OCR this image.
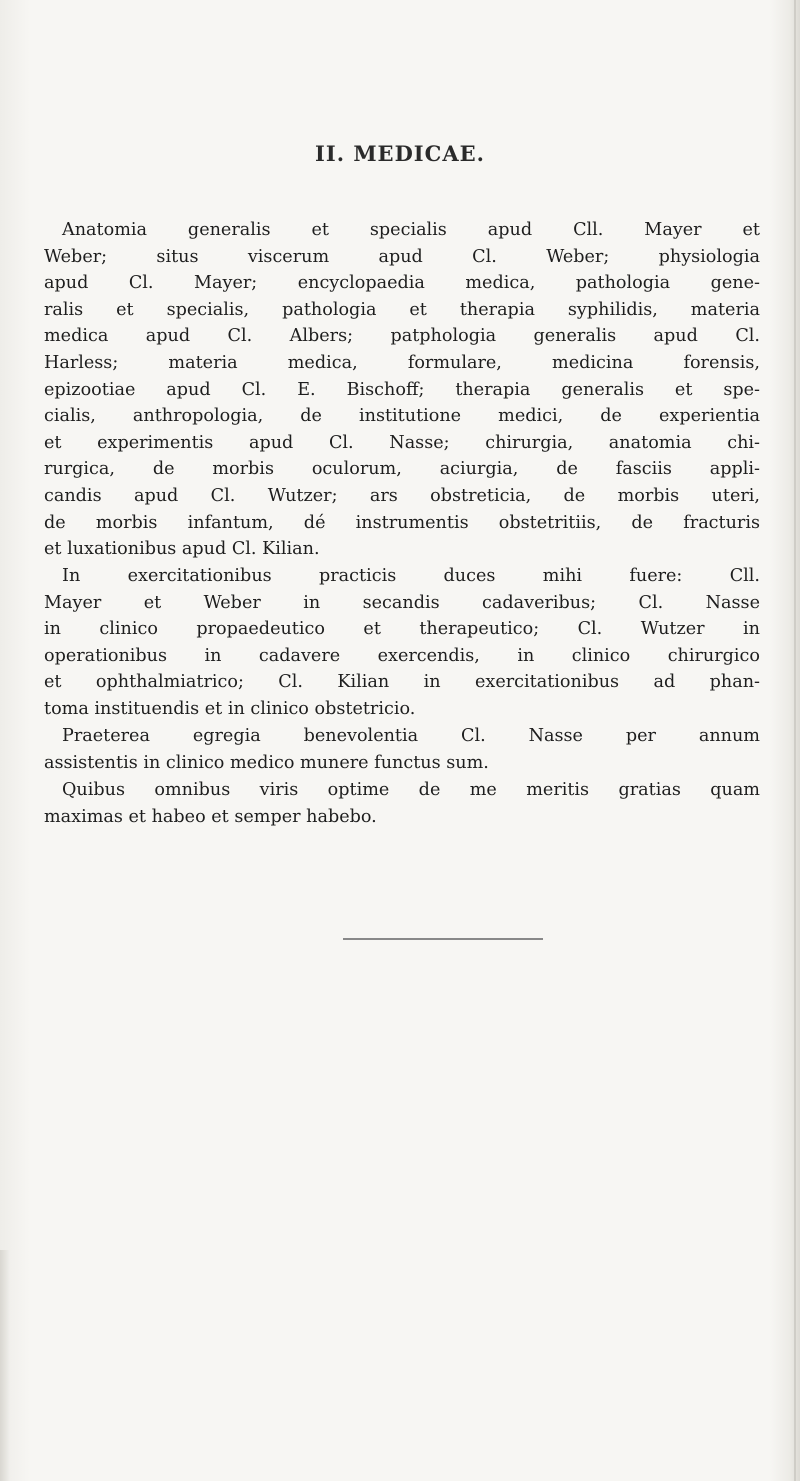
II. MEDICAE.
Anatomia generalis et specialis apud Cll. Mayer et
Weber; situs viscerum apud Cl. Weber; physiologia
apud Cl. Mayer; encyclopaedia medica, pathologia gene-
ralis et specialis, pathologia et therapia syphilidis, materia
medica apud Cl. Albers; patphologia generalis apud Cl.
Harless; materia medica, formulare, medicina forensis,
epizootiae apud Cl. E. Bischoff; therapia generalis et spe-
cialis, anthropologia, de institutione medici, de experientia
et experimentis apud Cl. Nasse; chirurgia, anatomia chi-
rurgica, de morbis oculorum, aciurgia, de fasciis appli-
candis apud Cl. Wutzer; ars obstreticia, de morbis uteri,
de morbis infantum, dé instrumentis obstetritiis, de fracturis
et luxationibus apud Cl. Kilian.
In exercitationibus practicis duces mihi fuere: Cll.
Mayer et Weber in secandis cadaveribus; Cl. Nasse
in clinico propaedeutico et therapeutico; Cl. Wutzer in
operationibus in cadavere exercendis, in clinico chirurgico
et ophthalmiatrico; Cl. Kilian in exercitationibus ad phan-
toma instituendis et in clinico obstetricio.
Praeterea egregia benevolentia Cl. Nasse per annum
assistentis in clinico medico munere functus sum.
Quibus omnibus viris optime de me meritis gratias quam
maximas et habeo et semper habebo.
